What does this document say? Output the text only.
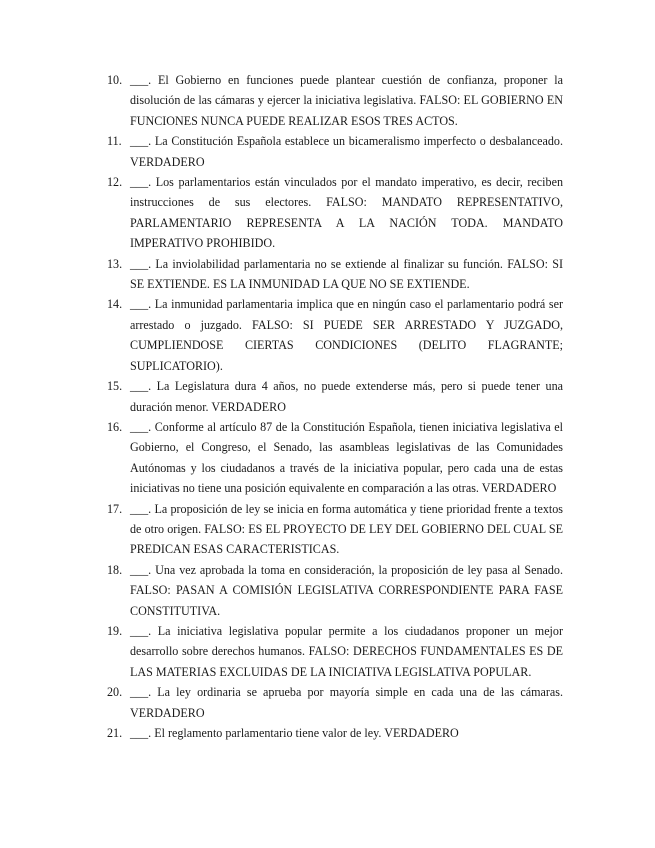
10. ___. El Gobierno en funciones puede plantear cuestión de confianza, proponer la disolución de las cámaras y ejercer la iniciativa legislativa. FALSO: EL GOBIERNO EN FUNCIONES NUNCA PUEDE REALIZAR ESOS TRES ACTOS.
11. ___. La Constitución Española establece un bicameralismo imperfecto o desbalanceado. VERDADERO
12. ___. Los parlamentarios están vinculados por el mandato imperativo, es decir, reciben instrucciones de sus electores. FALSO: MANDATO REPRESENTATIVO, PARLAMENTARIO REPRESENTA A LA NACIÓN TODA. MANDATO IMPERATIVO PROHIBIDO.
13. ___. La inviolabilidad parlamentaria no se extiende al finalizar su función. FALSO: SI SE EXTIENDE. ES LA INMUNIDAD LA QUE NO SE EXTIENDE.
14. ___. La inmunidad parlamentaria implica que en ningún caso el parlamentario podrá ser arrestado o juzgado. FALSO: SI PUEDE SER ARRESTADO Y JUZGADO, CUMPLIENDOSE CIERTAS CONDICIONES (DELITO FLAGRANTE; SUPLICATORIO).
15. ___. La Legislatura dura 4 años, no puede extenderse más, pero si puede tener una duración menor. VERDADERO
16. ___. Conforme al artículo 87 de la Constitución Española, tienen iniciativa legislativa el Gobierno, el Congreso, el Senado, las asambleas legislativas de las Comunidades Autónomas y los ciudadanos a través de la iniciativa popular, pero cada una de estas iniciativas no tiene una posición equivalente en comparación a las otras. VERDADERO
17. ___. La proposición de ley se inicia en forma automática y tiene prioridad frente a textos de otro origen. FALSO: ES EL PROYECTO DE LEY DEL GOBIERNO DEL CUAL SE PREDICAN ESAS CARACTERISTICAS.
18. ___. Una vez aprobada la toma en consideración, la proposición de ley pasa al Senado. FALSO: PASAN A COMISIÓN LEGISLATIVA CORRESPONDIENTE PARA FASE CONSTITUTIVA.
19. ___. La iniciativa legislativa popular permite a los ciudadanos proponer un mejor desarrollo sobre derechos humanos. FALSO: DERECHOS FUNDAMENTALES ES DE LAS MATERIAS EXCLUIDAS DE LA INICIATIVA LEGISLATIVA POPULAR.
20. ___. La ley ordinaria se aprueba por mayoría simple en cada una de las cámaras. VERDADERO
21. ___. El reglamento parlamentario tiene valor de ley. VERDADERO
